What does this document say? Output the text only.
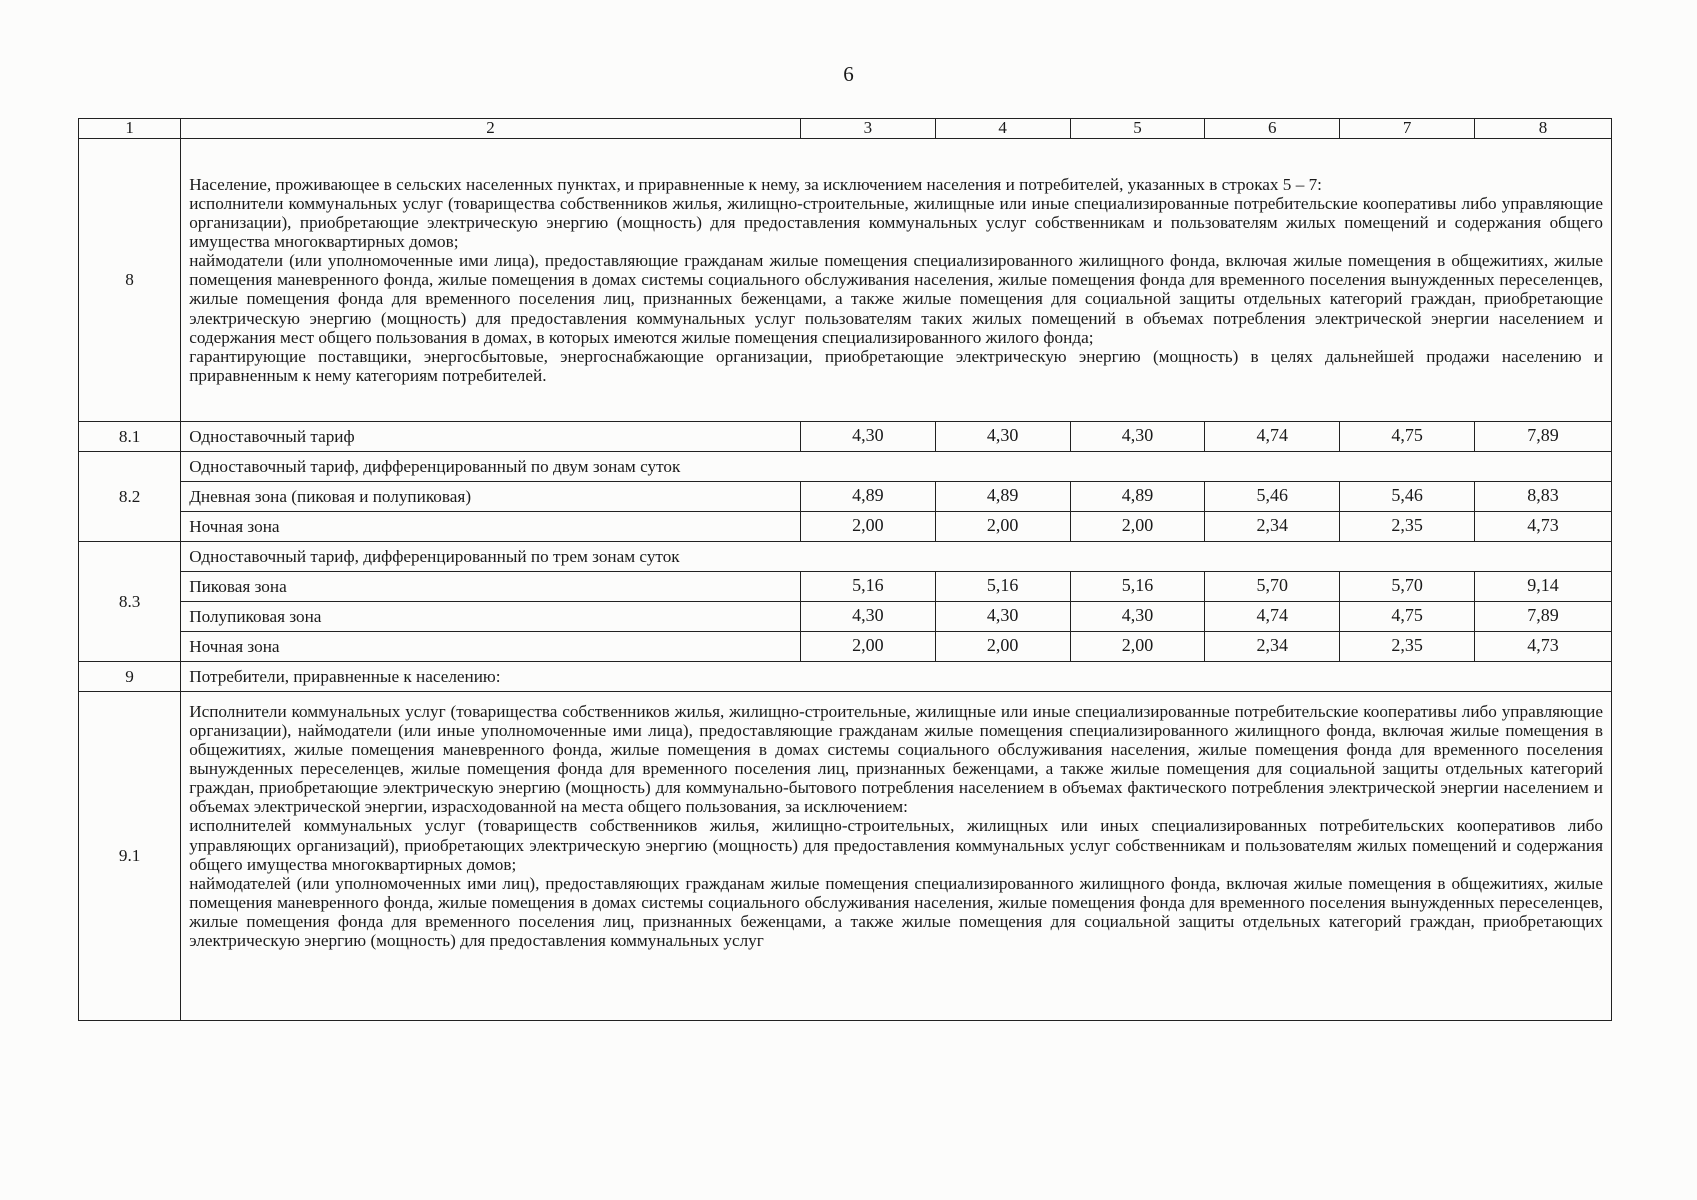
6
1	2	3	4	5	6	7	8
8	Население, проживающее в сельских населенных пунктах, и приравненные к нему, за исключением населения и потребителей, указанных в строках 5 – 7:

исполнители коммунальных услуг (товарищества собственников жилья, жилищно-строительные, жилищные или иные специализированные потребительские кооперативы либо управляющие организации), приобретающие электрическую энергию (мощность) для предоставления коммунальных услуг собственникам и пользователям жилых помещений и содержания общего имущества многоквартирных домов;

наймодатели (или уполномоченные ими лица), предоставляющие гражданам жилые помещения специализированного жилищного фонда, включая жилые помещения в общежитиях, жилые помещения маневренного фонда, жилые помещения в домах системы социального обслуживания населения, жилые помещения фонда для временного поселения вынужденных переселенцев, жилые помещения фонда для временного поселения лиц, признанных беженцами, а также жилые помещения для социальной защиты отдельных категорий граждан, приобретающие электрическую энергию (мощность) для предоставления коммунальных услуг пользователям таких жилых помещений в объемах потребления электрической энергии населением и содержания мест общего пользования в домах, в которых имеются жилые помещения специализированного жилого фонда;

гарантирующие поставщики, энергосбытовые, энергоснабжающие организации, приобретающие электрическую энергию (мощность) в целях дальнейшей продажи населению и приравненным к нему категориям потребителей.						

8.1	Одноставочный тариф	4,30	4,30	4,30	4,74	4,75	7,89
8.2	Одноставочный тариф, дифференцированный по двум зонам суток						
	Дневная зона (пиковая и полупиковая)	4,89	4,89	4,89	5,46	5,46	8,83
	Ночная зона	2,00	2,00	2,00	2,34	2,35	4,73
8.3	Одноставочный тариф, дифференцированный по трем зонам суток						
	Пиковая зона	5,16	5,16	5,16	5,70	5,70	9,14
	Полупиковая зона	4,30	4,30	4,30	4,74	4,75	7,89
	Ночная зона	2,00	2,00	2,00	2,34	2,35	4,73
9	Потребители, приравненные к населению:						
9.1	Исполнители коммунальных услуг (товарищества собственников жилья, жилищно-строительные, жилищные или иные специализированные потребительские кооперативы либо управляющие организации), наймодатели (или иные уполномоченные ими лица), предоставляющие гражданам жилые помещения специализированного жилищного фонда, включая жилые помещения в общежитиях, жилые помещения маневренного фонда, жилые помещения в домах системы социального обслуживания населения, жилые помещения фонда для временного поселения вынужденных переселенцев, жилые помещения фонда для временного поселения лиц, признанных беженцами, а также жилые помещения для социальной защиты отдельных категорий граждан, приобретающие электрическую энергию (мощность) для коммунально-бытового потребления населением в объемах фактического потребления электрической энергии населением и объемах электрической энергии, израсходованной на места общего пользования, за исключением:

исполнителей коммунальных услуг (товариществ собственников жилья, жилищно-строительных, жилищных или иных специализированных потребительских кооперативов либо управляющих организаций), приобретающих электрическую энергию (мощность) для предоставления коммунальных услуг собственникам и пользователям жилых помещений и содержания общего имущества многоквартирных домов;

наймодателей (или уполномоченных ими лиц), предоставляющих гражданам жилые помещения специализированного жилищного фонда, включая жилые помещения в общежитиях, жилые помещения маневренного фонда, жилые помещения в домах системы социального обслуживания населения, жилые помещения фонда для временного поселения вынужденных переселенцев, жилые помещения фонда для временного поселения лиц, признанных беженцами, а также жилые помещения для социальной защиты отдельных категорий граждан, приобретающих электрическую энергию (мощность) для предоставления коммунальных услуг						
